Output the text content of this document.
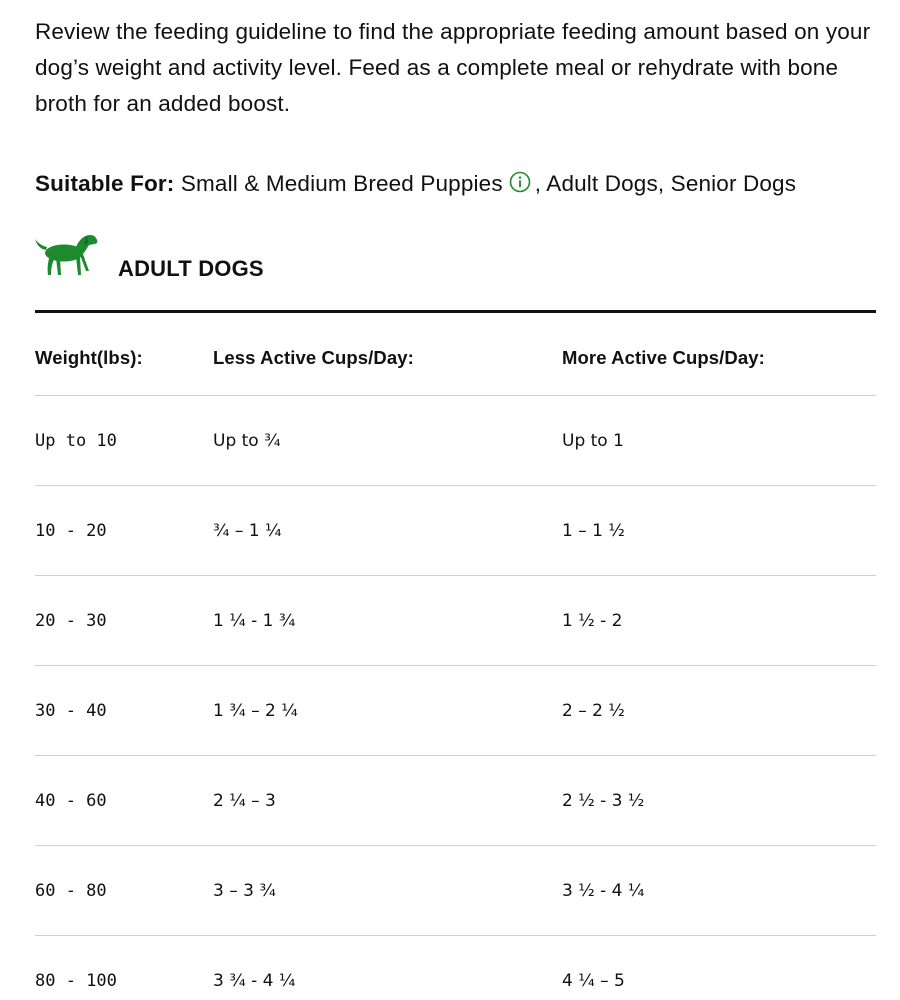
Review the feeding guideline to find the appropriate feeding amount based on your dog’s weight and activity level. Feed as a complete meal or rehydrate with bone broth for an added boost.

Suitable For: Small & Medium Breed Puppies , Adult Dogs, Senior Dogs
ADULT DOGS
Weight(lbs):	Less Active Cups/Day:	More Active Cups/Day:
Up to 10	Up to ¾	Up to 1
10 - 20	¾ – 1 ¼	1 – 1 ½
20 - 30	1 ¼ - 1 ¾	1 ½ - 2
30 - 40	1 ¾ – 2 ¼	2 – 2 ½
40 - 60	2 ¼ – 3	2 ½ - 3 ½
60 - 80	3 – 3 ¾	3 ½ - 4 ¼
80 - 100	3 ¾ - 4 ¼	4 ¼ – 5
